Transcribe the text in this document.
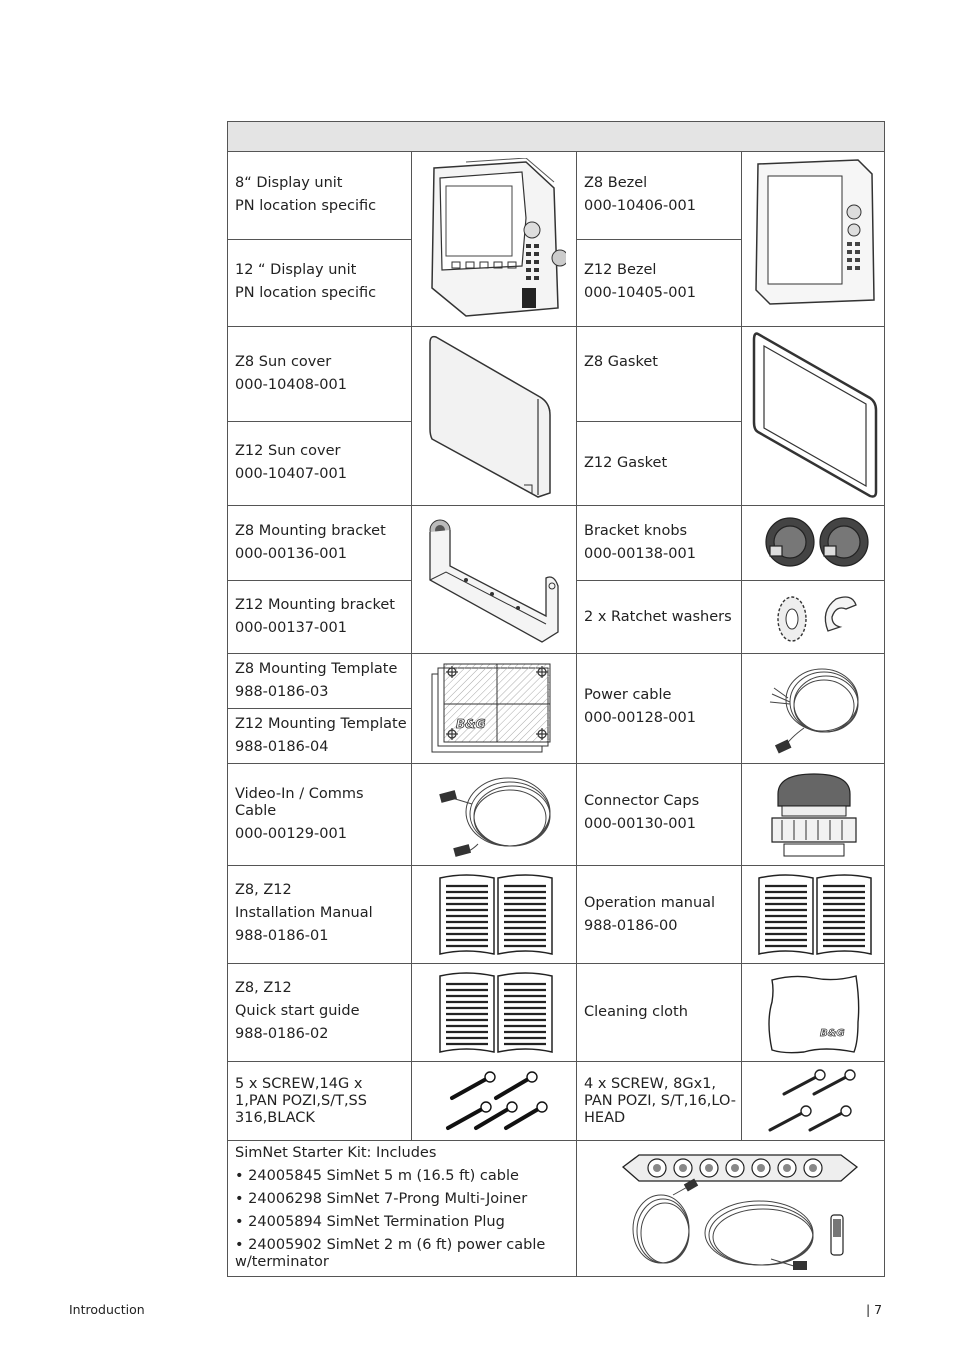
8“ Display unit
PN location specific
12 “ Display unit
PN location specific
Z8 Bezel
000-10406-001
Z12 Bezel
000-10405-001
Z8 Sun cover
000-10408-001
Z12 Sun cover
000-10407-001
Z8 Gasket
Z12 Gasket
Z8 Mounting bracket
000-00136-001
Z12 Mounting bracket
000-00137-001
Bracket knobs
000-00138-001
2 x Ratchet washers
Z8 Mounting Template
988-0186-03
Z12 Mounting Template
988-0186-04
B&G
Power cable
000-00128-001
Video-In / Comms Cable
000-00129-001
Connector Caps
000-00130-001
Z8, Z12
Installation Manual
988-0186-01
Operation manual
988-0186-00
Z8, Z12
Quick start guide
988-0186-02
Cleaning cloth
B&G
5 x SCREW,14G x 1,PAN POZI,S/T,SS 316,BLACK
4 x SCREW, 8Gx1, PAN POZI, S/T,16,LO-HEAD
SimNet Starter Kit: Includes
• 24005845 SimNet 5 m (16.5 ft) cable
• 24006298 SimNet 7-Prong Multi-Joiner
• 24005894 SimNet Termination Plug
• 24005902 SimNet 2 m (6 ft) power cable w/terminator
Introduction	| 7
